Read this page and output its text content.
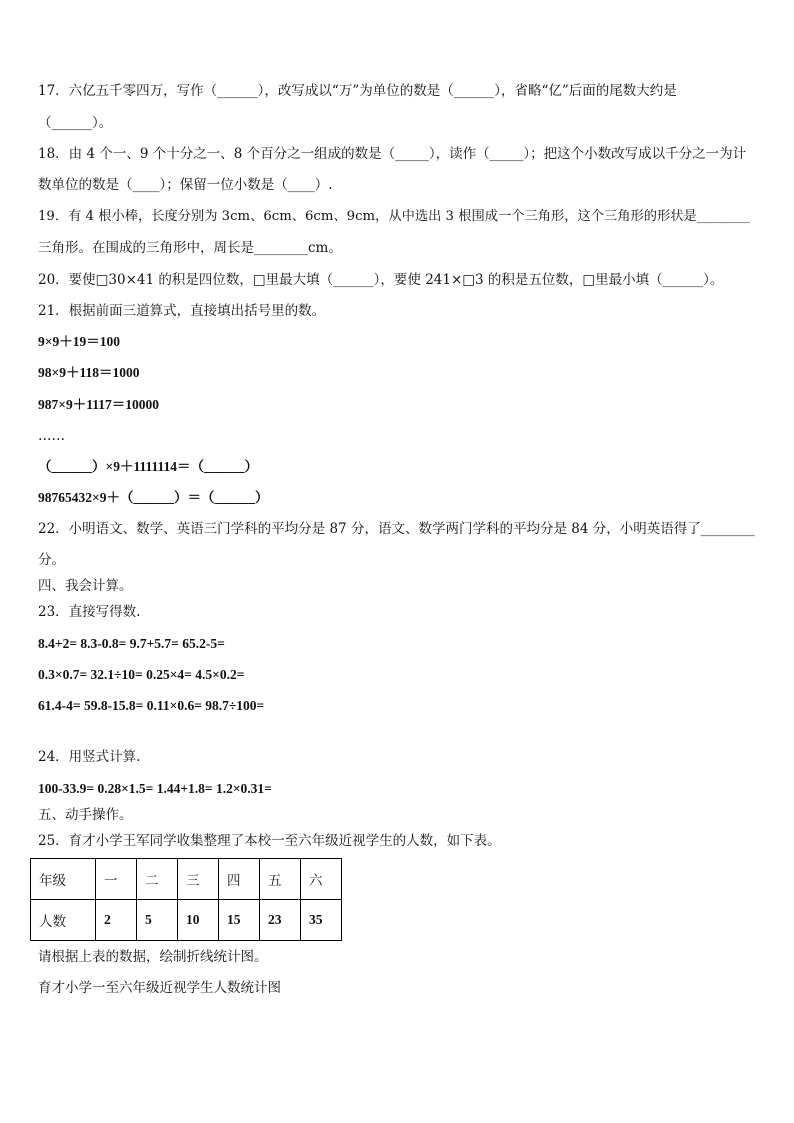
17．六亿五千零四万，写作（______），改写成以“万”为单位的数是（______），省略“亿”后面的尾数大约是
（______）。
18．由 4 个一、9 个十分之一、8 个百分之一组成的数是（_____），读作（_____）；把这个小数改写成以千分之一为计
数单位的数是（____）；保留一位小数是（____）.
19．有 4 根小棒，长度分别为 3cm、6cm、6cm、9cm，从中选出 3 根围成一个三角形，这个三角形的形状是________
三角形。在围成的三角形中，周长是________cm。
20．要使□30×41 的积是四位数，□里最大填（______），要使 241×□3 的积是五位数，□里最小填（______）。
21．根据前面三道算式，直接填出括号里的数。
9×9＋19＝100
98×9＋118＝1000
987×9＋1117＝10000
……
（______）×9＋1111114＝（______）
98765432×9＋（______）＝（______）
22．小明语文、数学、英语三门学科的平均分是 87 分，语文、数学两门学科的平均分是 84 分，小明英语得了________
分。
四、我会计算。
23．直接写得数.
8.4+2= 8.3-0.8= 9.7+5.7= 65.2-5=
0.3×0.7= 32.1÷10= 0.25×4= 4.5×0.2=
61.4-4= 59.8-15.8= 0.11×0.6= 98.7÷100=
24．用竖式计算.
100-33.9= 0.28×1.5= 1.44+1.8= 1.2×0.31=
五、动手操作。
25．育才小学王军同学收集整理了本校一至六年级近视学生的人数，如下表。
年级	一	二	三	四	五	六
人数	2	5	10	15	23	35
请根据上表的数据，绘制折线统计图。
育才小学一至六年级近视学生人数统计图
